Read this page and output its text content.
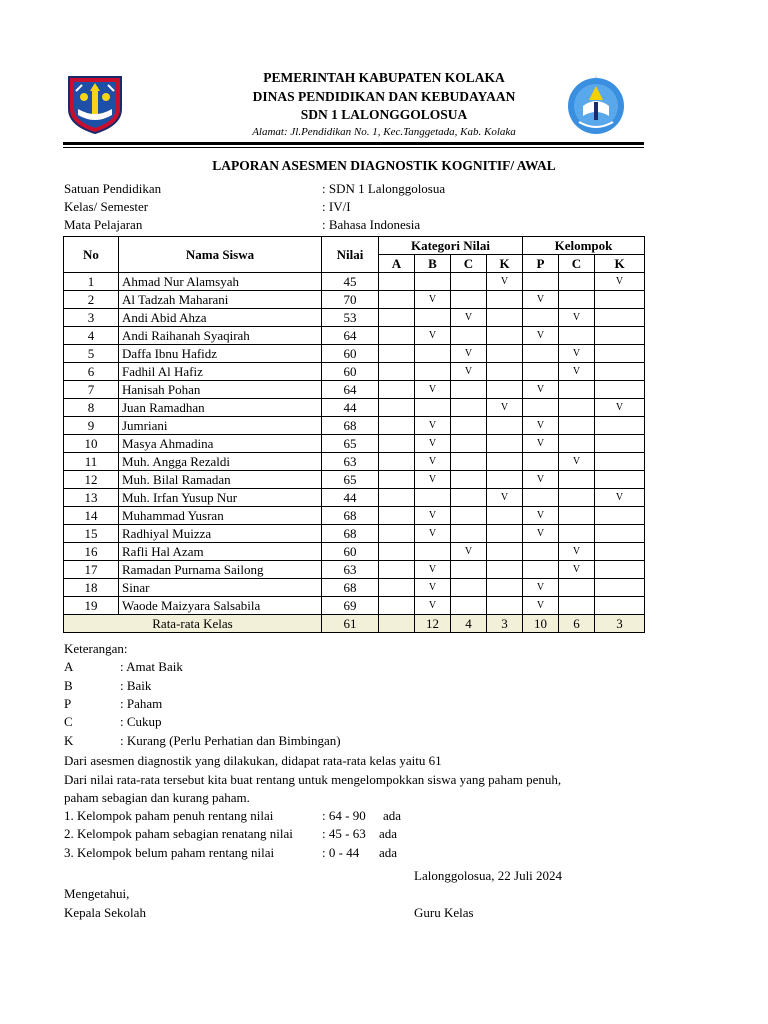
PEMERINTAH KABUPATEN KOLAKA
DINAS PENDIDIKAN DAN KEBUDAYAAN
SDN 1 LALONGGOLOSUA
Alamat: Jl.Pendidikan No. 1, Kec.Tanggetada, Kab. Kolaka
LAPORAN ASESMEN DIAGNOSTIK KOGNITIF/ AWAL
Satuan Pendidikan	: SDN 1 Lalonggolosua
Kelas/ Semester	: IV/I
Mata Pelajaran	: Bahasa Indonesia
No	Nama Siswa	Nilai	Kategori Nilai				Kelompok		
			A	B	C	K	P	C	K
1	Ahmad Nur Alamsyah	45				V			V
2	Al Tadzah Maharani	70		V			V		
3	Andi Abid Ahza	53			V			V	
4	Andi Raihanah Syaqirah	64		V			V		
5	Daffa Ibnu Hafidz	60			V			V	
6	Fadhil Al Hafiz	60			V			V	
7	Hanisah Pohan	64		V			V		
8	Juan Ramadhan	44				V			V
9	Jumriani	68		V			V		
10	Masya Ahmadina	65		V			V		
11	Muh. Angga Rezaldi	63		V				V	
12	Muh. Bilal Ramadan	65		V			V		
13	Muh. Irfan Yusup Nur	44				V			V
14	Muhammad Yusran	68		V			V		
15	Radhiyal Muizza	68		V			V		
16	Rafli Hal Azam	60			V			V	
17	Ramadan Purnama Sailong	63		V				V	
18	Sinar	68		V			V		
19	Waode Maizyara Salsabila	69		V			V		
Rata-rata Kelas		61		12	4	3	10	6	3
Keterangan:
A	: Amat Baik
B	: Baik
P	: Paham
C	: Cukup
K	: Kurang (Perlu Perhatian dan Bimbingan)
Dari asesmen diagnostik yang dilakukan, didapat rata-rata kelas yaitu 61
Dari nilai rata-rata tersebut kita buat rentang untuk mengelompokkan siswa yang paham penuh,
paham sebagian dan kurang paham.
1. Kelompok paham penuh rentang nilai	: 64 - 90 ada
2. Kelompok paham sebagian renatang nilai : 45 - 63 ada
3. Kelompok belum paham rentang nilai	: 0 - 44 ada
Lalonggolosua, 22 Juli 2024
Mengetahui,
Kepala Sekolah	Guru Kelas
